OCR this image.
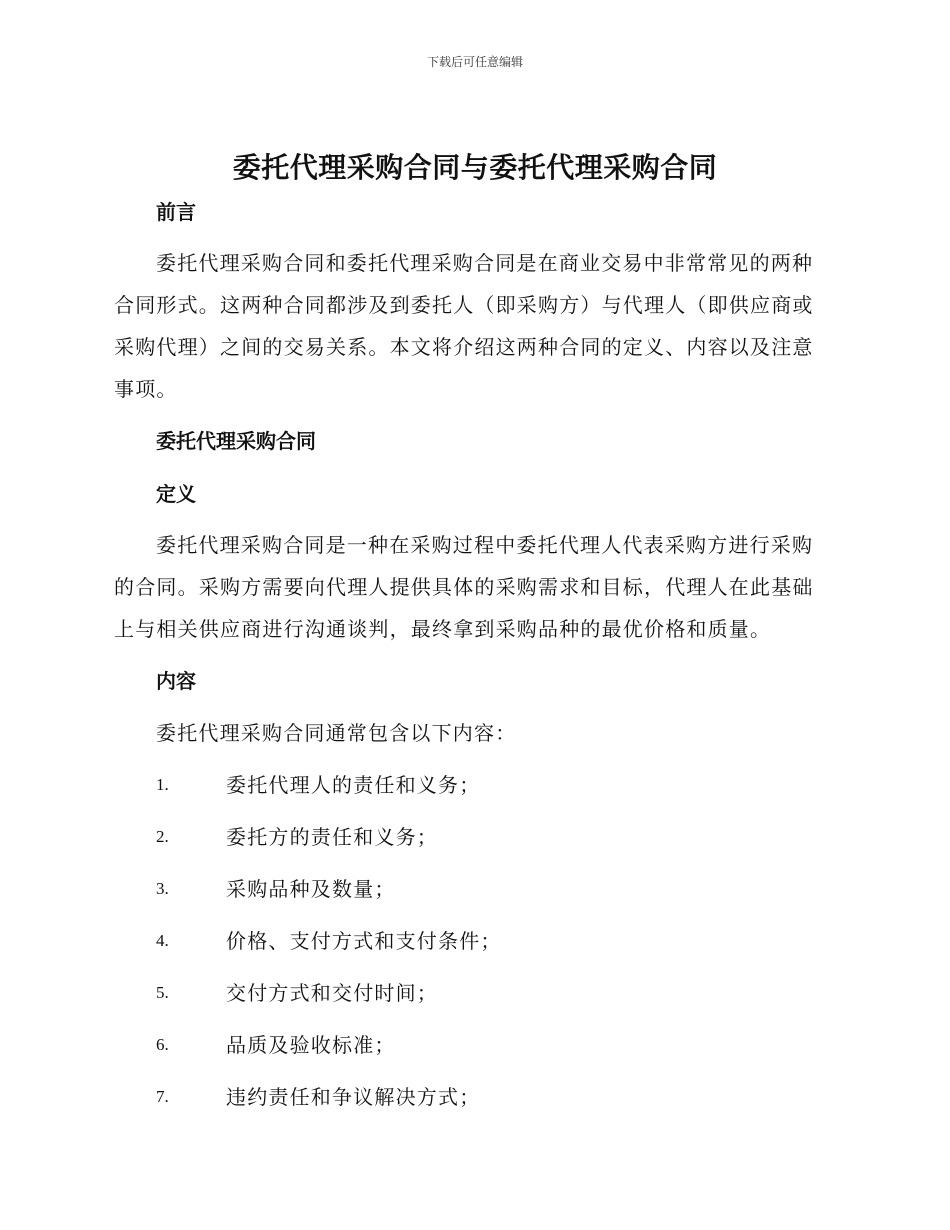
下载后可任意编辑
委托代理采购合同与委托代理采购合同
前言

委托代理采购合同和委托代理采购合同是在商业交易中非常常见的两种合同形式。这两种合同都涉及到委托人（即采购方）与代理人（即供应商或采购代理）之间的交易关系。本文将介绍这两种合同的定义、内容以及注意事项。

委托代理采购合同
定义

委托代理采购合同是一种在采购过程中委托代理人代表采购方进行采购的合同。采购方需要向代理人提供具体的采购需求和目标，代理人在此基础上与相关供应商进行沟通谈判，最终拿到采购品种的最优价格和质量。

内容
委托代理采购合同通常包含以下内容：
1.	委托代理人的责任和义务；
2.	委托方的责任和义务；
3.	采购品种及数量；
4.	价格、支付方式和支付条件；
5.	交付方式和交付时间；
6.	品质及验收标准；
7.	违约责任和争议解决方式；
